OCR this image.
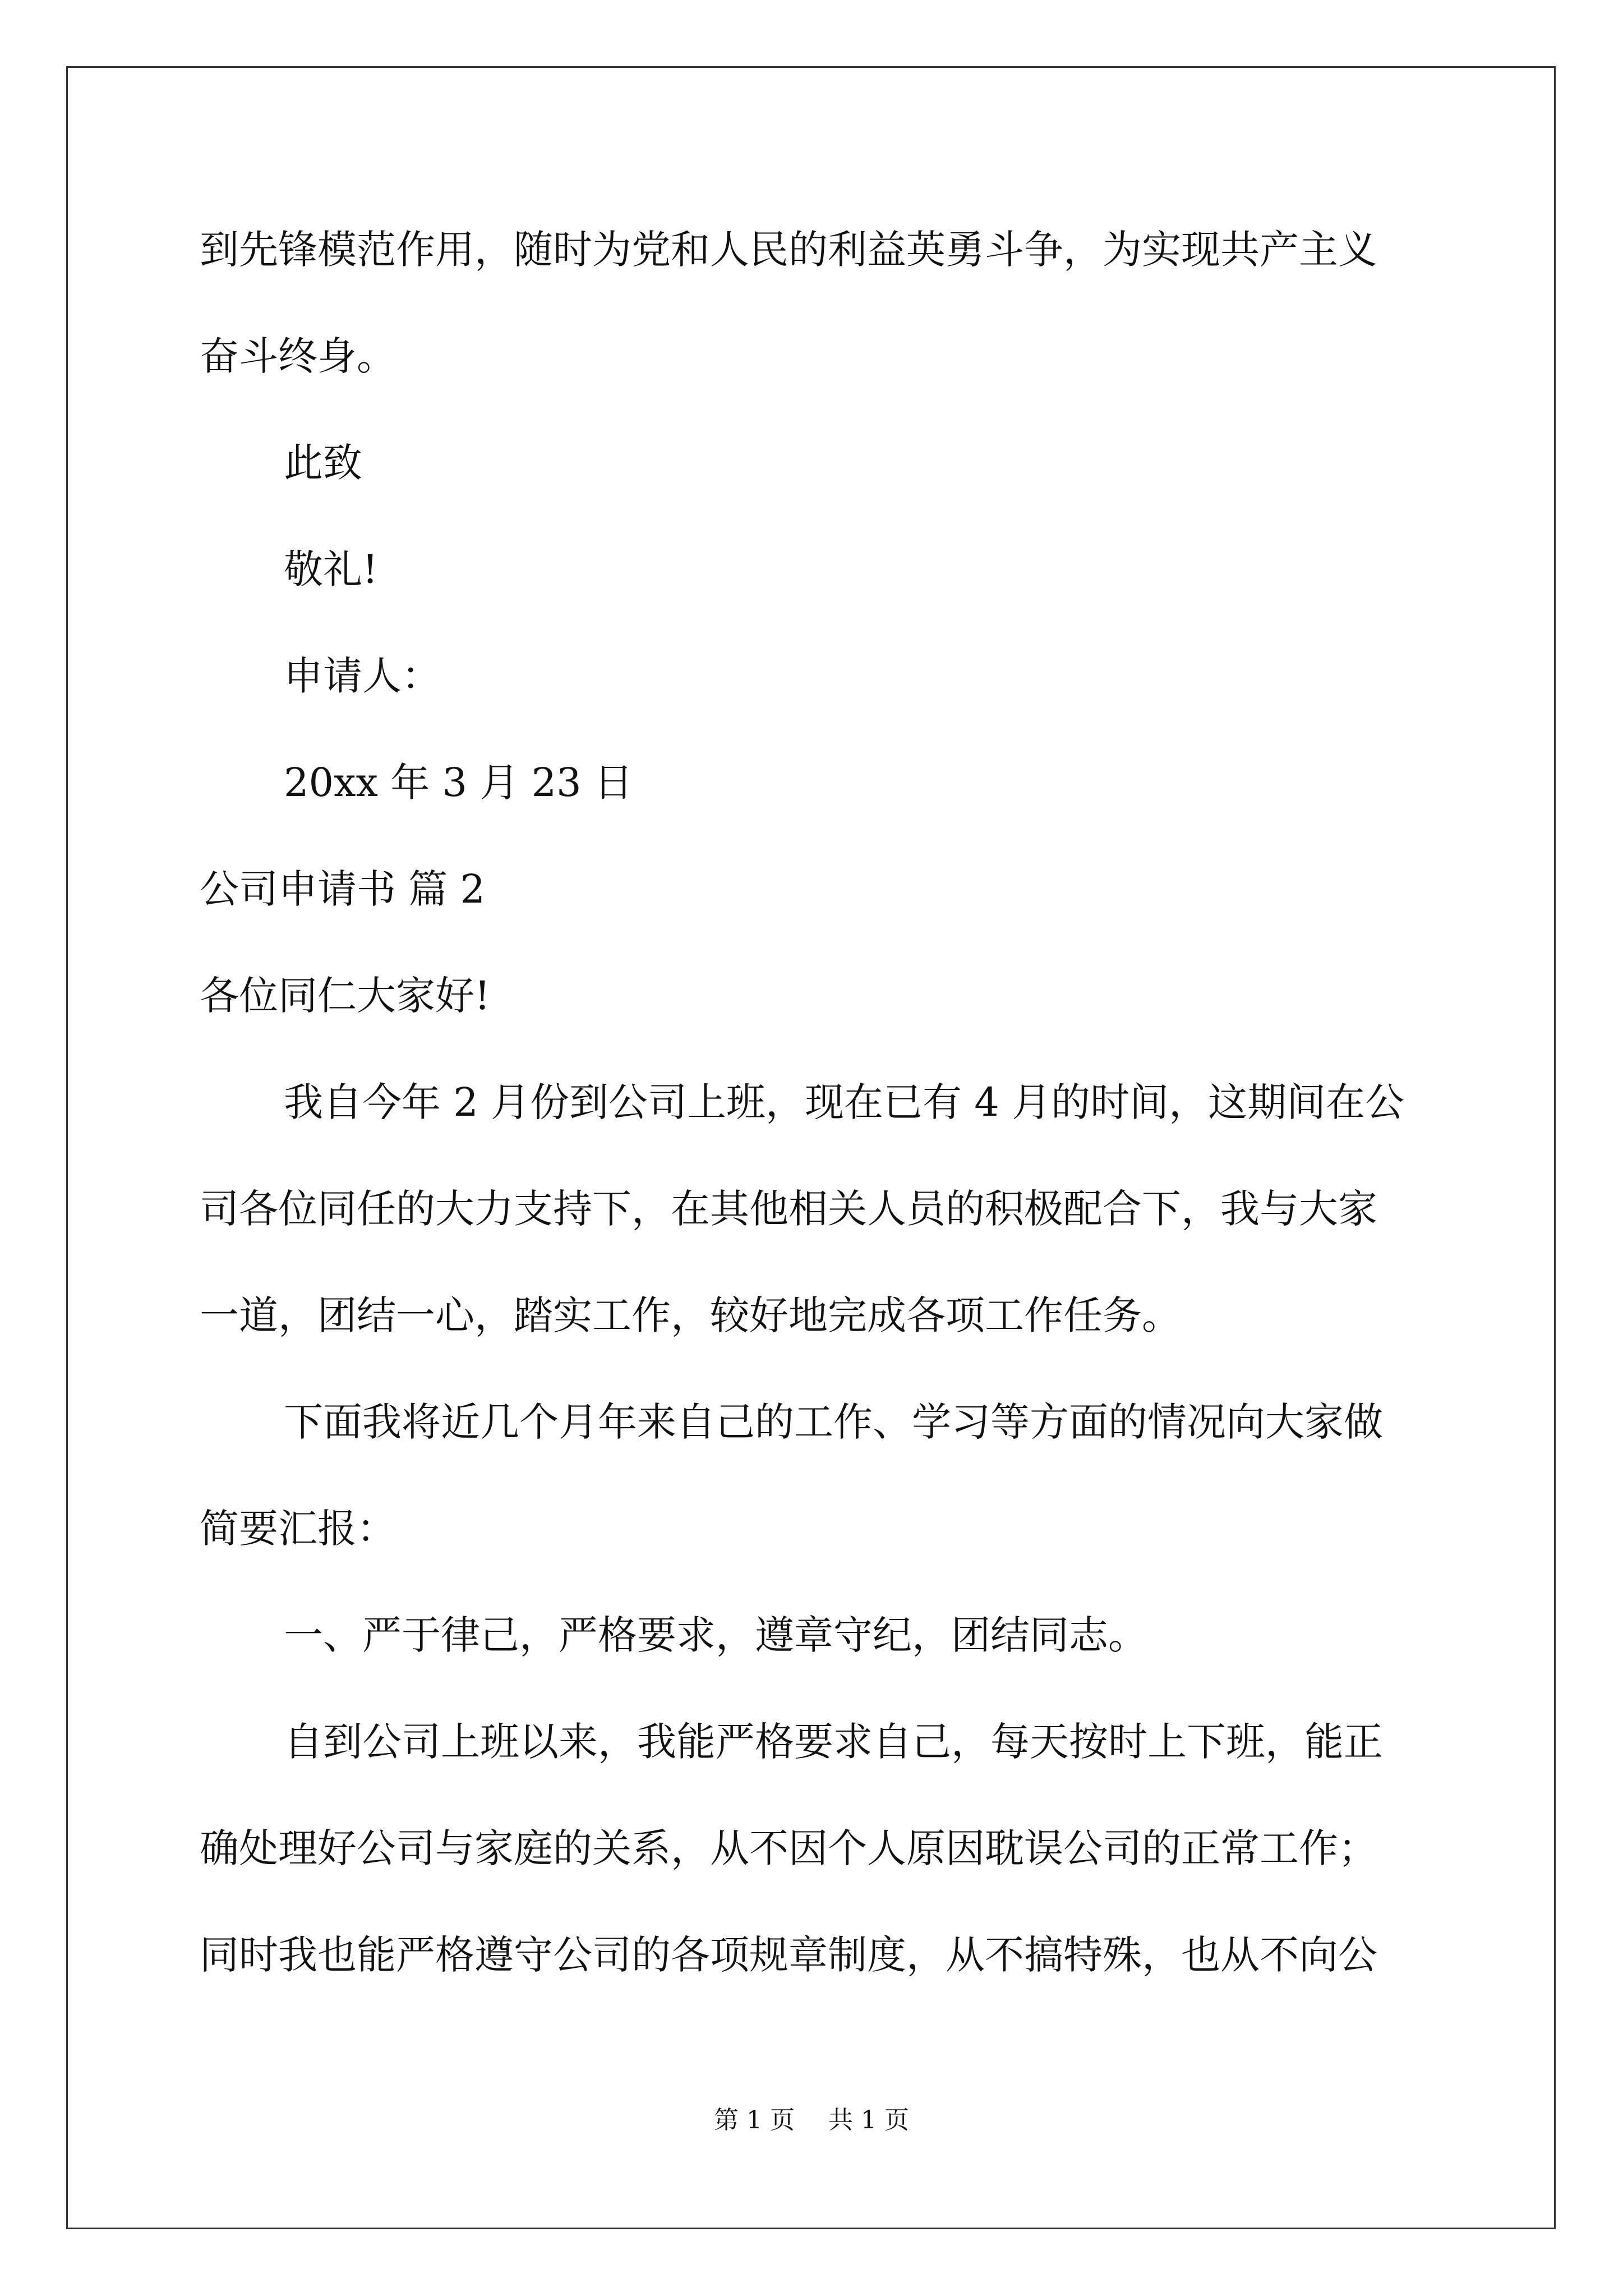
到先锋模范作用，随时为党和人民的利益英勇斗争，为实现共产主义
奋斗终身。
此致
敬礼!
申请人：
20xx 年 3 月 23 日
公司申请书 篇 2
各位同仁大家好!
我自今年 2 月份到公司上班，现在已有 4 月的时间，这期间在公
司各位同任的大力支持下，在其他相关人员的积极配合下，我与大家
一道，团结一心，踏实工作，较好地完成各项工作任务。
下面我将近几个月年来自己的工作、学习等方面的情况向大家做
简要汇报：
一、严于律己，严格要求，遵章守纪，团结同志。
自到公司上班以来，我能严格要求自己，每天按时上下班，能正
确处理好公司与家庭的关系，从不因个人原因耽误公司的正常工作；
同时我也能严格遵守公司的各项规章制度，从不搞特殊，也从不向公
第 1 页 共 1 页
